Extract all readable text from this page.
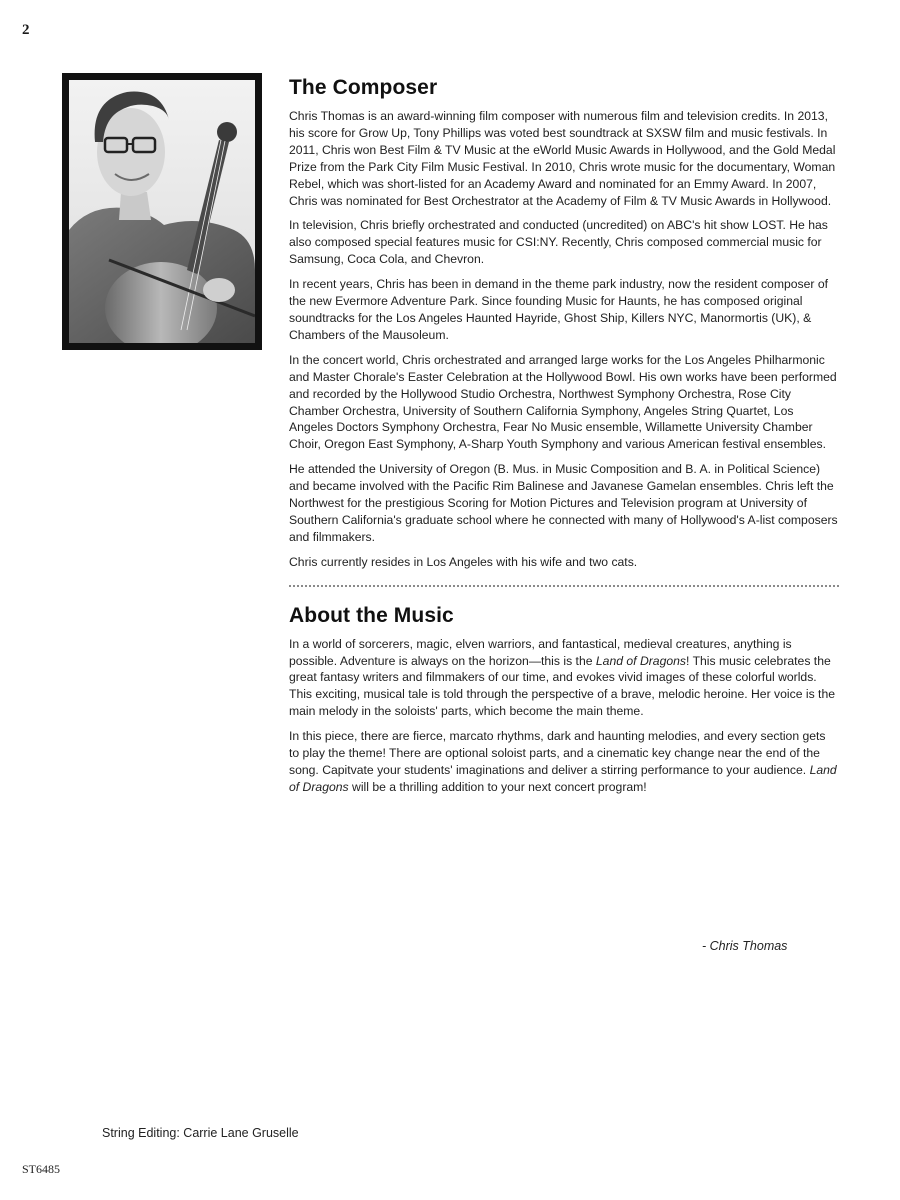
2
The Composer

Chris Thomas is an award-winning film composer with numerous film and television credits. In 2013, his score for Grow Up, Tony Phillips was voted best soundtrack at SXSW film and music festivals. In 2011, Chris won Best Film & TV Music at the eWorld Music Awards in Hollywood, and the Gold Medal Prize from the Park City Film Music Festival. In 2010, Chris wrote music for the documentary, Woman Rebel, which was short-listed for an Academy Award and nominated for an Emmy Award. In 2007, Chris was nominated for Best Orchestrator at the Academy of Film & TV Music Awards in Hollywood.

In television, Chris briefly orchestrated and conducted (uncredited) on ABC's hit show LOST. He has also composed special features music for CSI:NY. Recently, Chris composed commercial music for Samsung, Coca Cola, and Chevron.

In recent years, Chris has been in demand in the theme park industry, now the resident composer of the new Evermore Adventure Park. Since founding Music for Haunts, he has composed original soundtracks for the Los Angeles Haunted Hayride, Ghost Ship, Killers NYC, Manormortis (UK), & Chambers of the Mausoleum.

In the concert world, Chris orchestrated and arranged large works for the Los Angeles Philharmonic and Master Chorale's Easter Celebration at the Hollywood Bowl. His own works have been performed and recorded by the Hollywood Studio Orchestra, Northwest Symphony Orchestra, Rose City Chamber Orchestra, University of Southern California Symphony, Angeles String Quartet, Los Angeles Doctors Symphony Orchestra, Fear No Music ensemble, Willamette University Chamber Choir, Oregon East Symphony, A-Sharp Youth Symphony and various American festival ensembles.

He attended the University of Oregon (B. Mus. in Music Composition and B. A. in Political Science) and became involved with the Pacific Rim Balinese and Javanese Gamelan ensembles. Chris left the Northwest for the prestigious Scoring for Motion Pictures and Television program at University of Southern California's graduate school where he connected with many of Hollywood's A-list composers and filmmakers.

Chris currently resides in Los Angeles with his wife and two cats.

About the Music

In a world of sorcerers, magic, elven warriors, and fantastical, medieval creatures, anything is possible. Adventure is always on the horizon—this is the Land of Dragons! This music celebrates the great fantasy writers and filmmakers of our time, and evokes vivid images of these colorful worlds. This exciting, musical tale is told through the perspective of a brave, melodic heroine. Her voice is the main melody in the soloists' parts, which become the main theme.

In this piece, there are fierce, marcato rhythms, dark and haunting melodies, and every section gets to play the theme! There are optional soloist parts, and a cinematic key change near the end of the song. Capitvate your students' imaginations and deliver a stirring performance to your audience. Land of Dragons will be a thrilling addition to your next concert program!

- Chris Thomas
String Editing: Carrie Lane Gruselle
ST6485
